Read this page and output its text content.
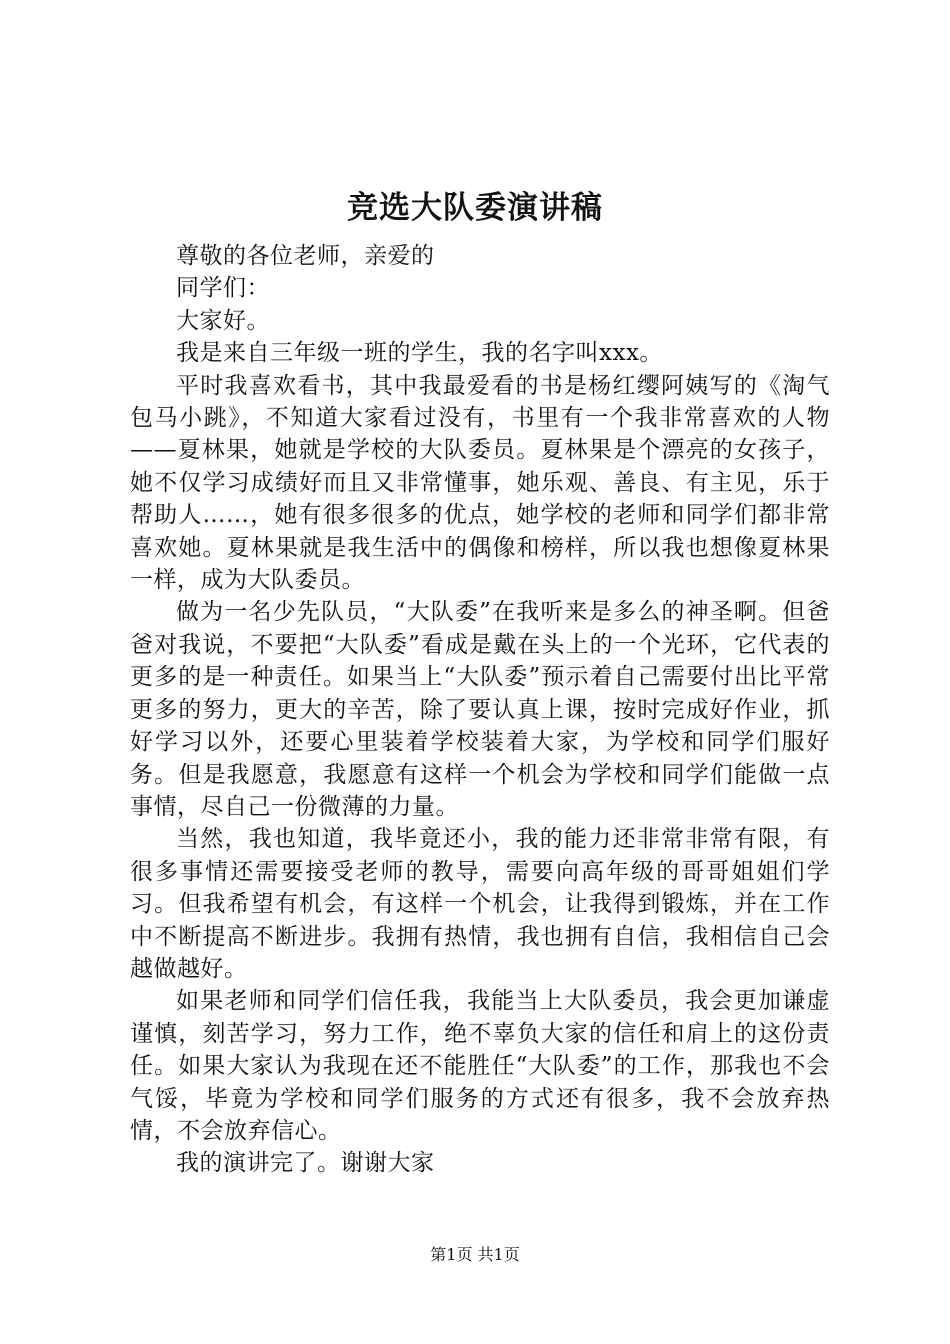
竞选大队委演讲稿

尊敬的各位老师，亲爱的

同学们：

大家好。

我是来自三年级一班的学生，我的名字叫xxx。

平时我喜欢看书，其中我最爱看的书是杨红缨阿姨写的《淘气包马小跳》，不知道大家看过没有，书里有一个我非常喜欢的人物——夏林果，她就是学校的大队委员。夏林果是个漂亮的女孩子，她不仅学习成绩好而且又非常懂事，她乐观、善良、有主见，乐于帮助人……，她有很多很多的优点，她学校的老师和同学们都非常喜欢她。夏林果就是我生活中的偶像和榜样，所以我也想像夏林果一样，成为大队委员。

做为一名少先队员，“大队委”在我听来是多么的神圣啊。但爸爸对我说，不要把“大队委”看成是戴在头上的一个光环，它代表的更多的是一种责任。如果当上“大队委”预示着自己需要付出比平常更多的努力，更大的辛苦，除了要认真上课，按时完成好作业，抓好学习以外，还要心里装着学校装着大家，为学校和同学们服好务。但是我愿意，我愿意有这样一个机会为学校和同学们能做一点事情，尽自己一份微薄的力量。

当然，我也知道，我毕竟还小，我的能力还非常非常有限，有很多事情还需要接受老师的教导，需要向高年级的哥哥姐姐们学习。但我希望有机会，有这样一个机会，让我得到锻炼，并在工作中不断提高不断进步。我拥有热情，我也拥有自信，我相信自己会越做越好。

如果老师和同学们信任我，我能当上大队委员，我会更加谦虚谨慎，刻苦学习，努力工作，绝不辜负大家的信任和肩上的这份责任。如果大家认为我现在还不能胜任“大队委”的工作，那我也不会气馁，毕竟为学校和同学们服务的方式还有很多，我不会放弃热情，不会放弃信心。

我的演讲完了。谢谢大家

第1页 共1页
